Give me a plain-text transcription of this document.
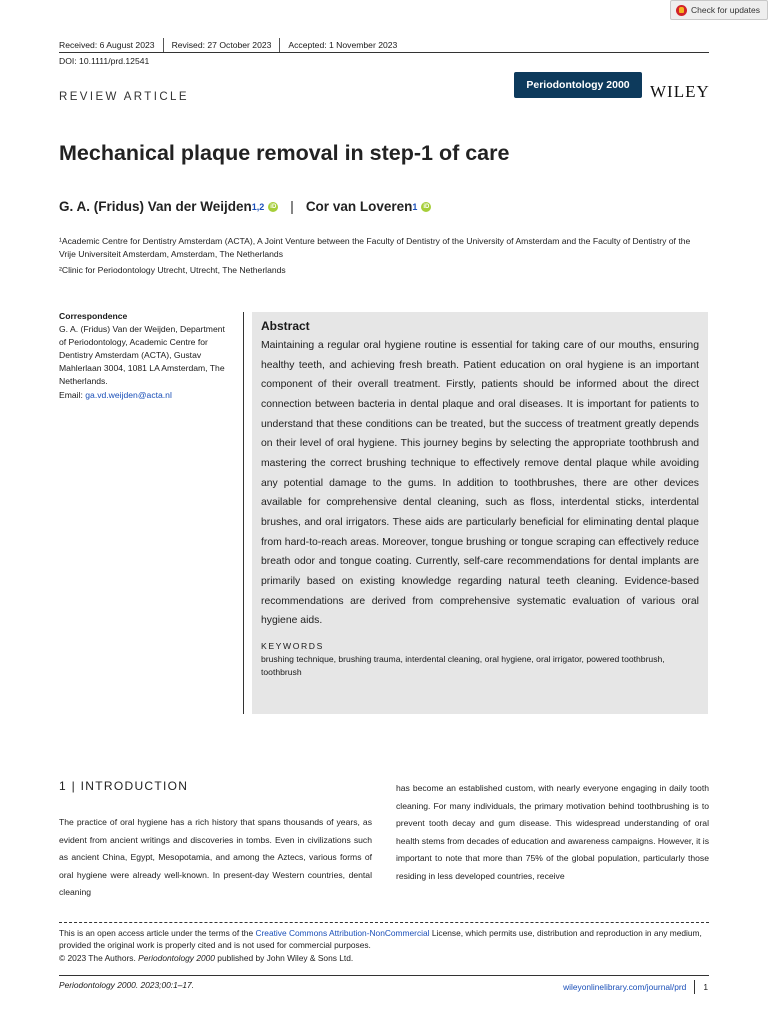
Check for updates
Received: 6 August 2023 Revised: 27 October 2023 Accepted: 1 November 2023
DOI: 10.1111/prd.12541
REVIEW ARTICLE
Periodontology 2000	WILEY
Mechanical plaque removal in step-1 of care
G. A. (Fridus) Van der Weijden 1,2	iD | Cor van Loveren 1	iD
¹Academic Centre for Dentistry Amsterdam (ACTA), A Joint Venture between the Faculty of Dentistry of the University of Amsterdam and the Faculty of Dentistry of the Vrije Universiteit Amsterdam, Amsterdam, The Netherlands
²Clinic for Periodontology Utrecht, Utrecht, The Netherlands
Correspondence
G. A. (Fridus) Van der Weijden, Department of Periodontology, Academic Centre for Dentistry Amsterdam (ACTA), Gustav Mahlerlaan 3004, 1081 LA Amsterdam, The Netherlands.
Email: ga.vd.weijden@acta.nl
Abstract
Maintaining a regular oral hygiene routine is essential for taking care of our mouths, ensuring healthy teeth, and achieving fresh breath. Patient education on oral hygiene is an important component of their overall treatment. Firstly, patients should be informed about the direct connection between bacteria in dental plaque and oral diseases. It is important for patients to understand that these conditions can be treated, but the success of treatment greatly depends on their level of oral hygiene. This journey begins by selecting the appropriate toothbrush and mastering the correct brushing technique to effectively remove dental plaque while avoiding any potential damage to the gums. In addition to toothbrushes, there are other devices available for comprehensive dental cleaning, such as floss, interdental sticks, interdental brushes, and oral irrigators. These aids are particularly beneficial for eliminating dental plaque from hard-to-reach areas. Moreover, tongue brushing or tongue scraping can effectively reduce breath odor and tongue coating. Currently, self-care recommendations for dental implants are primarily based on existing knowledge regarding natural teeth cleaning. Evidence-based recommendations are derived from comprehensive systematic evaluation of various oral hygiene aids.
KEYWORDS
brushing technique, brushing trauma, interdental cleaning, oral hygiene, oral irrigator, powered toothbrush, toothbrush
1 | INTRODUCTION
The practice of oral hygiene has a rich history that spans thousands of years, as evident from ancient writings and discoveries in tombs. Even in civilizations such as ancient China, Egypt, Mesopotamia, and among the Aztecs, various forms of oral hygiene were already well-known. In present-day Western countries, dental cleaning
has become an established custom, with nearly everyone engaging in daily tooth cleaning. For many individuals, the primary motivation behind toothbrushing is to prevent tooth decay and gum disease. This widespread understanding of oral health stems from decades of education and awareness campaigns. However, it is important to note that more than 75% of the global population, particularly those residing in less developed countries, receive
This is an open access article under the terms of the Creative Commons Attribution-NonCommercial License, which permits use, distribution and reproduction in any medium, provided the original work is properly cited and is not used for commercial purposes.
© 2023 The Authors. Periodontology 2000 published by John Wiley & Sons Ltd.
Periodontology 2000. 2023;00:1–17.	wileyonlinelibrary.com/journal/prd 1
